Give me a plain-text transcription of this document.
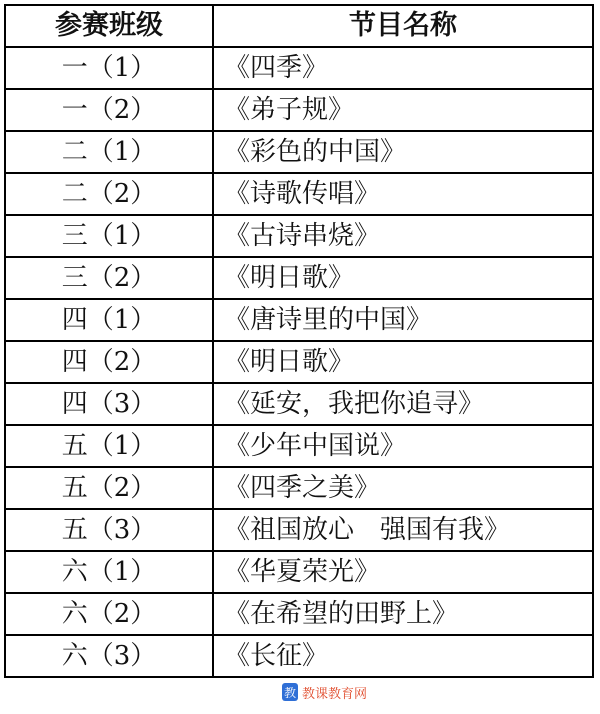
参赛班级	节目名称
一（1）	《四季》
一（2）	《弟子规》
二（1）	《彩色的中国》
二（2）	《诗歌传唱》
三（1）	《古诗串烧》
三（2）	《明日歌》
四（1）	《唐诗里的中国》
四（2）	《明日歌》
四（3）	《延安，我把你追寻》
五（1）	《少年中国说》
五（2）	《四季之美》
五（3）	《祖国放心　强国有我》
六（1）	《华夏荣光》
六（2）	《在希望的田野上》
六（3）	《长征》
教 教课教育网
